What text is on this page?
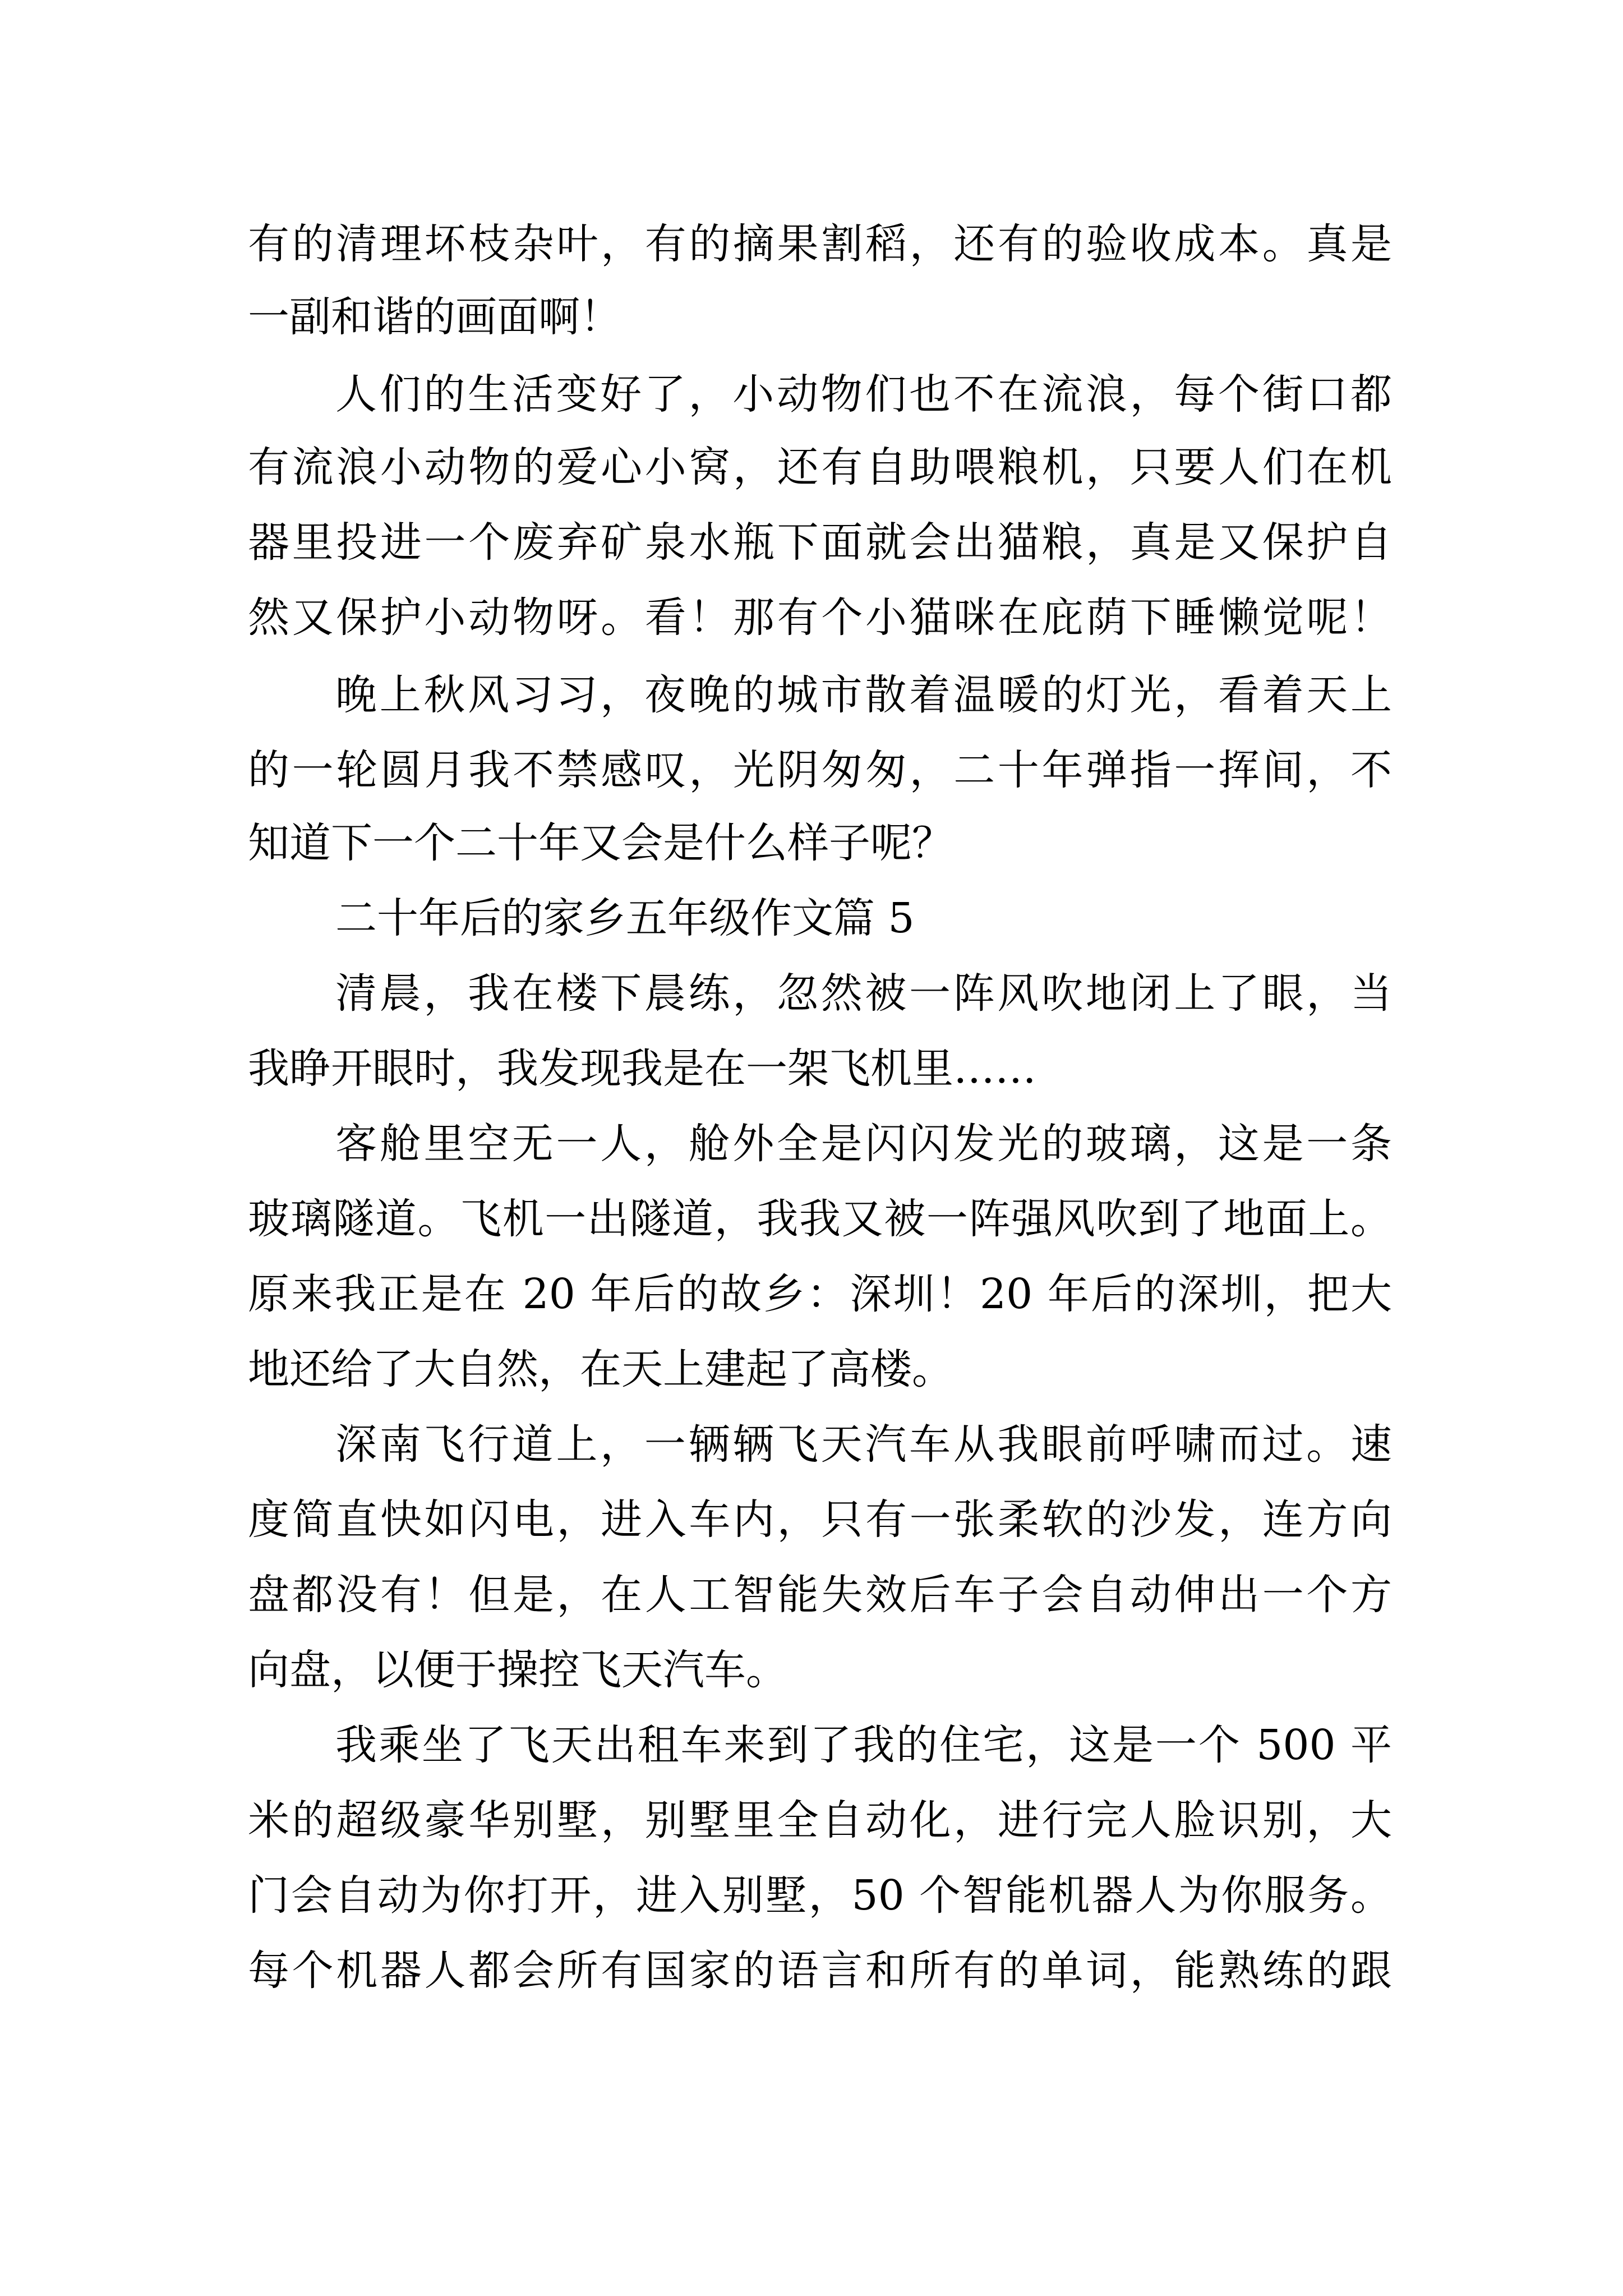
有的清理坏枝杂叶，有的摘果割稻，还有的验收成本。真是
一副和谐的画面啊！
人们的生活变好了，小动物们也不在流浪，每个街口都
有流浪小动物的爱心小窝，还有自助喂粮机，只要人们在机
器里投进一个废弃矿泉水瓶下面就会出猫粮，真是又保护自
然又保护小动物呀。看！那有个小猫咪在庇荫下睡懒觉呢！
晚上秋风习习，夜晚的城市散着温暖的灯光，看着天上
的一轮圆月我不禁感叹，光阴匆匆，二十年弹指一挥间，不
知道下一个二十年又会是什么样子呢？
二十年后的家乡五年级作文篇 5
清晨，我在楼下晨练，忽然被一阵风吹地闭上了眼，当
我睁开眼时，我发现我是在一架飞机里……
客舱里空无一人，舱外全是闪闪发光的玻璃，这是一条
玻璃隧道。飞机一出隧道，我我又被一阵强风吹到了地面上。
原来我正是在 20 年后的故乡：深圳！20 年后的深圳，把大
地还给了大自然，在天上建起了高楼。
深南飞行道上，一辆辆飞天汽车从我眼前呼啸而过。速
度简直快如闪电，进入车内，只有一张柔软的沙发，连方向
盘都没有！但是，在人工智能失效后车子会自动伸出一个方
向盘，以便于操控飞天汽车。
我乘坐了飞天出租车来到了我的住宅，这是一个 500 平
米的超级豪华别墅，别墅里全自动化，进行完人脸识别，大
门会自动为你打开，进入别墅，50 个智能机器人为你服务。
每个机器人都会所有国家的语言和所有的单词，能熟练的跟
